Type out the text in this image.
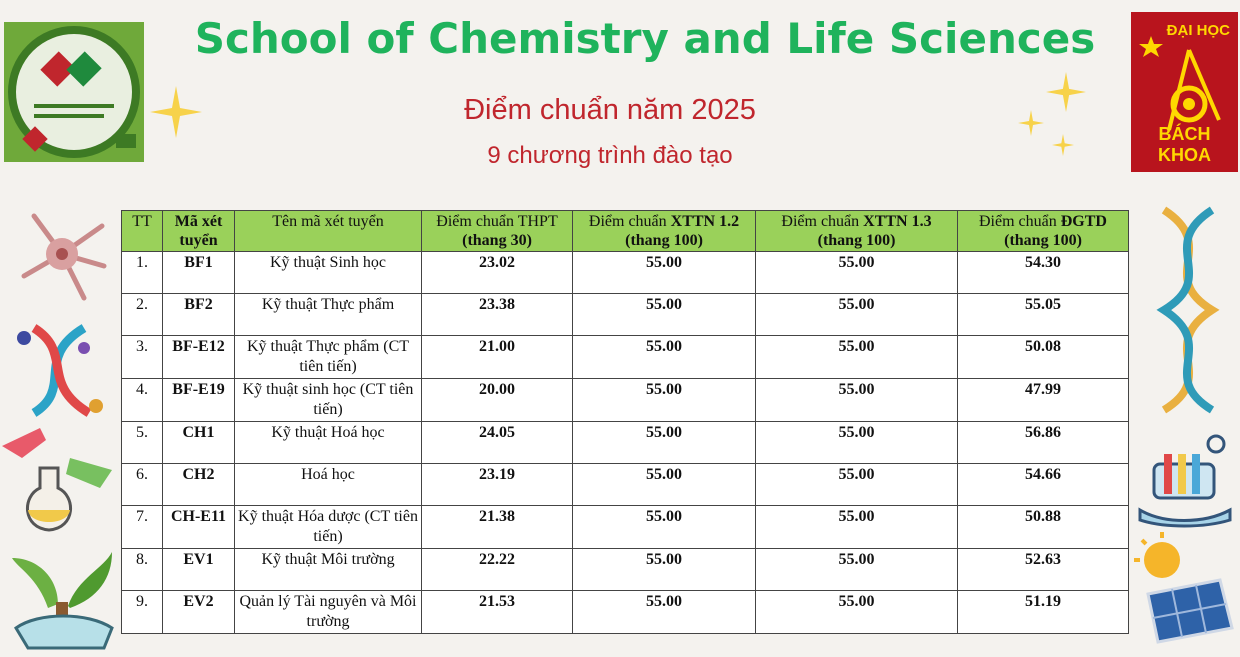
School of Chemistry and Life Sciences
Điểm chuẩn năm 2025
9 chương trình đào tạo
ĐẠI HỌC
BÁCH KHOA
TT	Mã xét tuyển	Tên mã xét tuyển	Điểm chuẩn THPT (thang 30)	Điểm chuẩn XTTN 1.2 (thang 100)	Điểm chuẩn XTTN 1.3 (thang 100)	Điểm chuẩn ĐGTD (thang 100)
1.	BF1	Kỹ thuật Sinh học	23.02	55.00	55.00	54.30
2.	BF2	Kỹ thuật Thực phẩm	23.38	55.00	55.00	55.05
3.	BF-E12	Kỹ thuật Thực phẩm (CT tiên tiến)	21.00	55.00	55.00	50.08
4.	BF-E19	Kỹ thuật sinh học (CT tiên tiến)	20.00	55.00	55.00	47.99
5.	CH1	Kỹ thuật Hoá học	24.05	55.00	55.00	56.86
6.	CH2	Hoá học	23.19	55.00	55.00	54.66
7.	CH-E11	Kỹ thuật Hóa dược (CT tiên tiến)	21.38	55.00	55.00	50.88
8.	EV1	Kỹ thuật Môi trường	22.22	55.00	55.00	52.63
9.	EV2	Quản lý Tài nguyên và Môi trường	21.53	55.00	55.00	51.19
